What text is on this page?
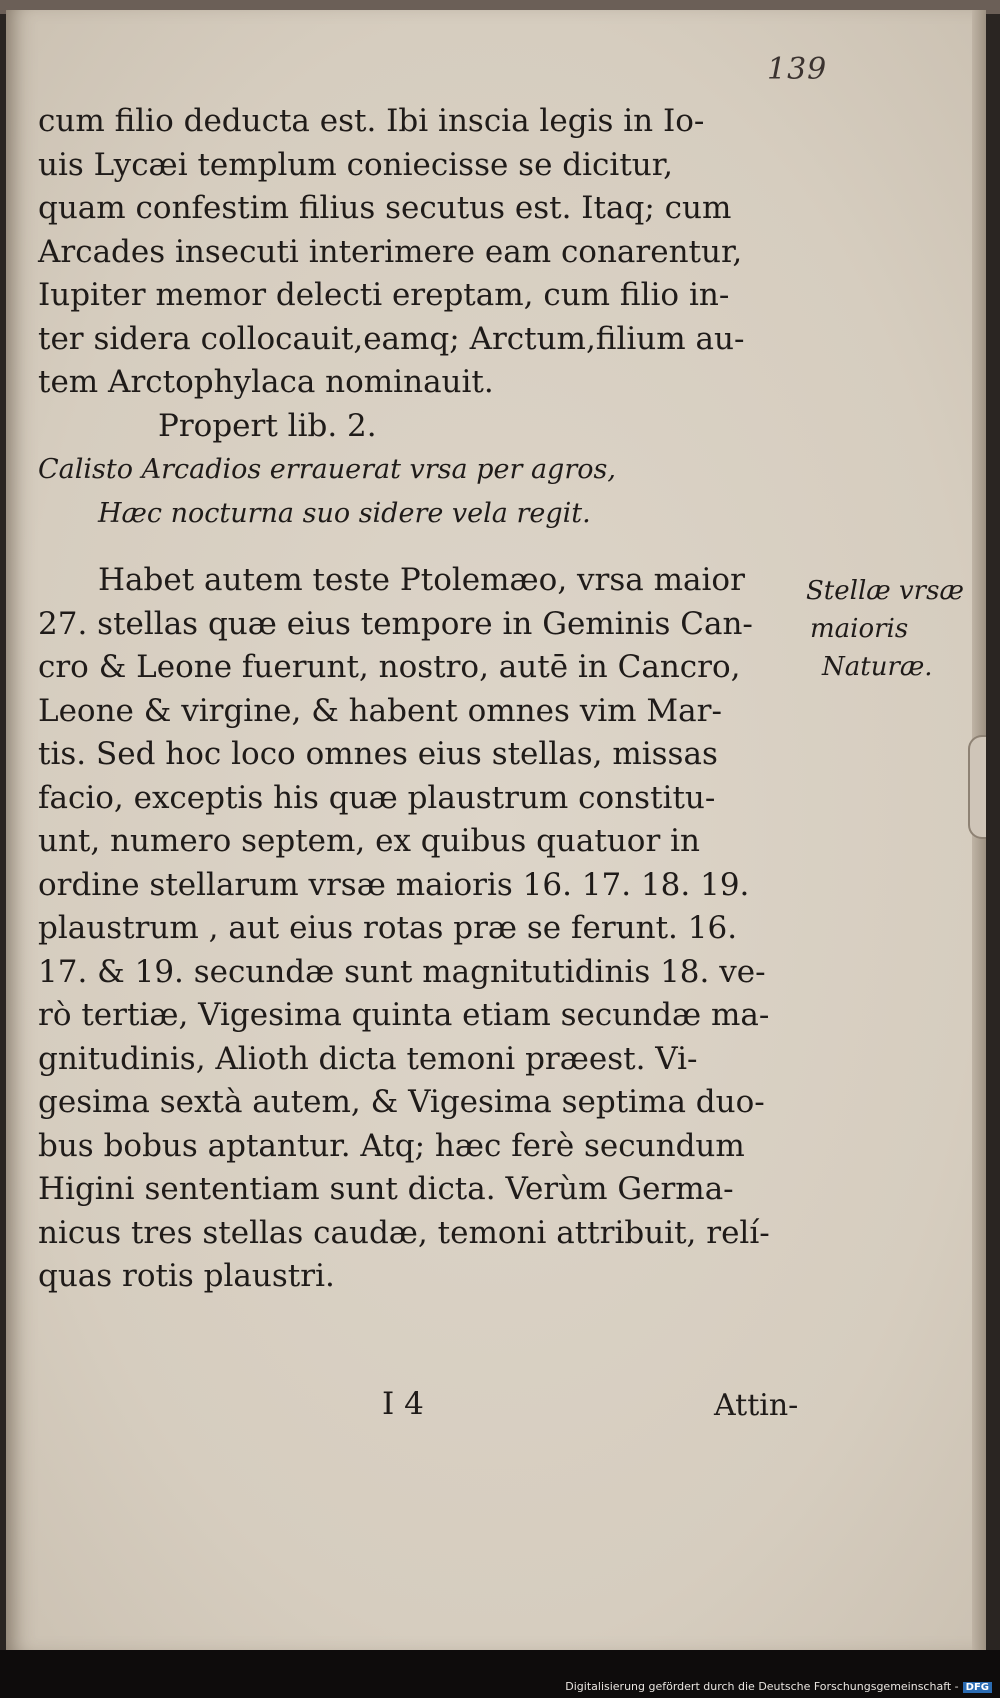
139
cum filio deducta est. Ibi inscia legis in Io-
uis Lycæi templum coniecisse se dicitur,
quam confestim filius secutus est. Itaq; cum
Arcades insecuti interimere eam conarentur,
Iupiter memor delecti ereptam, cum filio in-
ter sidera collocauit,eamq; Arctum,filium au-
tem Arctophylaca nominauit.
Propert lib. 2.
Calisto Arcadios errauerat vrsa per agros,
Hæc nocturna suo sidere vela regit.
Habet autem teste Ptolemæo, vrsa maior
27. stellas quæ eius tempore in Geminis Can-
cro & Leone fuerunt, nostro, autē in Cancro,
Leone & virgine, & habent omnes vim Mar-
tis. Sed hoc loco omnes eius stellas, missas
facio, exceptis his quæ plaustrum constitu-
unt, numero septem, ex quibus quatuor in
ordine stellarum vrsæ maioris 16. 17. 18. 19.
plaustrum , aut eius rotas præ se ferunt. 16.
17. & 19. secundæ sunt magnitutidinis 18. ve-
rò tertiæ, Vigesima quinta etiam secundæ ma-
gnitudinis, Alioth dicta temoni præest. Vi-
gesima sextà autem, & Vigesima septima duo-
bus bobus aptantur. Atq; hæc ferè secundum
Higini sententiam sunt dicta. Verùm Germa-
nicus tres stellas caudæ, temoni attribuit, relí-
quas rotis plaustri.
Stellæ vrsæ
maioris
Naturæ.
I 4	Attin-
Digitalisierung gefördert durch die Deutsche Forschungsgemeinschaft - DFG
